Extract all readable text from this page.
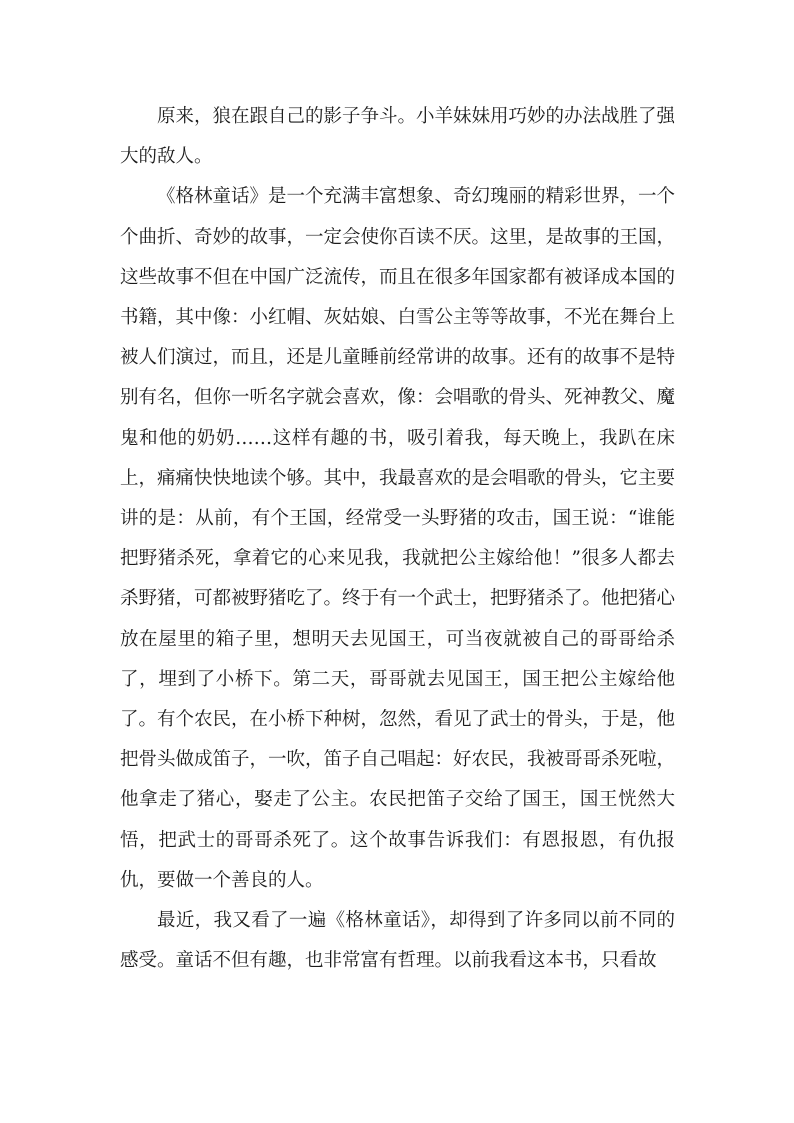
原来，狼在跟自己的影子争斗。小羊妹妹用巧妙的办法战胜了强大的敌人。

《格林童话》是一个充满丰富想象、奇幻瑰丽的精彩世界，一个个曲折、奇妙的故事，一定会使你百读不厌。这里，是故事的王国，这些故事不但在中国广泛流传，而且在很多年国家都有被译成本国的书籍，其中像：小红帽、灰姑娘、白雪公主等等故事，不光在舞台上被人们演过，而且，还是儿童睡前经常讲的故事。还有的故事不是特别有名，但你一听名字就会喜欢，像：会唱歌的骨头、死神教父、魔鬼和他的奶奶……这样有趣的书，吸引着我，每天晚上，我趴在床上，痛痛快快地读个够。其中，我最喜欢的是会唱歌的骨头，它主要讲的是：从前，有个王国，经常受一头野猪的攻击，国王说：“谁能把野猪杀死，拿着它的心来见我，我就把公主嫁给他！”很多人都去杀野猪，可都被野猪吃了。终于有一个武士，把野猪杀了。他把猪心放在屋里的箱子里，想明天去见国王，可当夜就被自己的哥哥给杀了，埋到了小桥下。第二天，哥哥就去见国王，国王把公主嫁给他了。有个农民，在小桥下种树，忽然，看见了武士的骨头，于是，他把骨头做成笛子，一吹，笛子自己唱起：好农民，我被哥哥杀死啦，他拿走了猪心，娶走了公主。农民把笛子交给了国王，国王恍然大悟，把武士的哥哥杀死了。这个故事告诉我们：有恩报恩，有仇报仇，要做一个善良的人。

最近，我又看了一遍《格林童话》，却得到了许多同以前不同的感受。童话不但有趣，也非常富有哲理。以前我看这本书，只看故
